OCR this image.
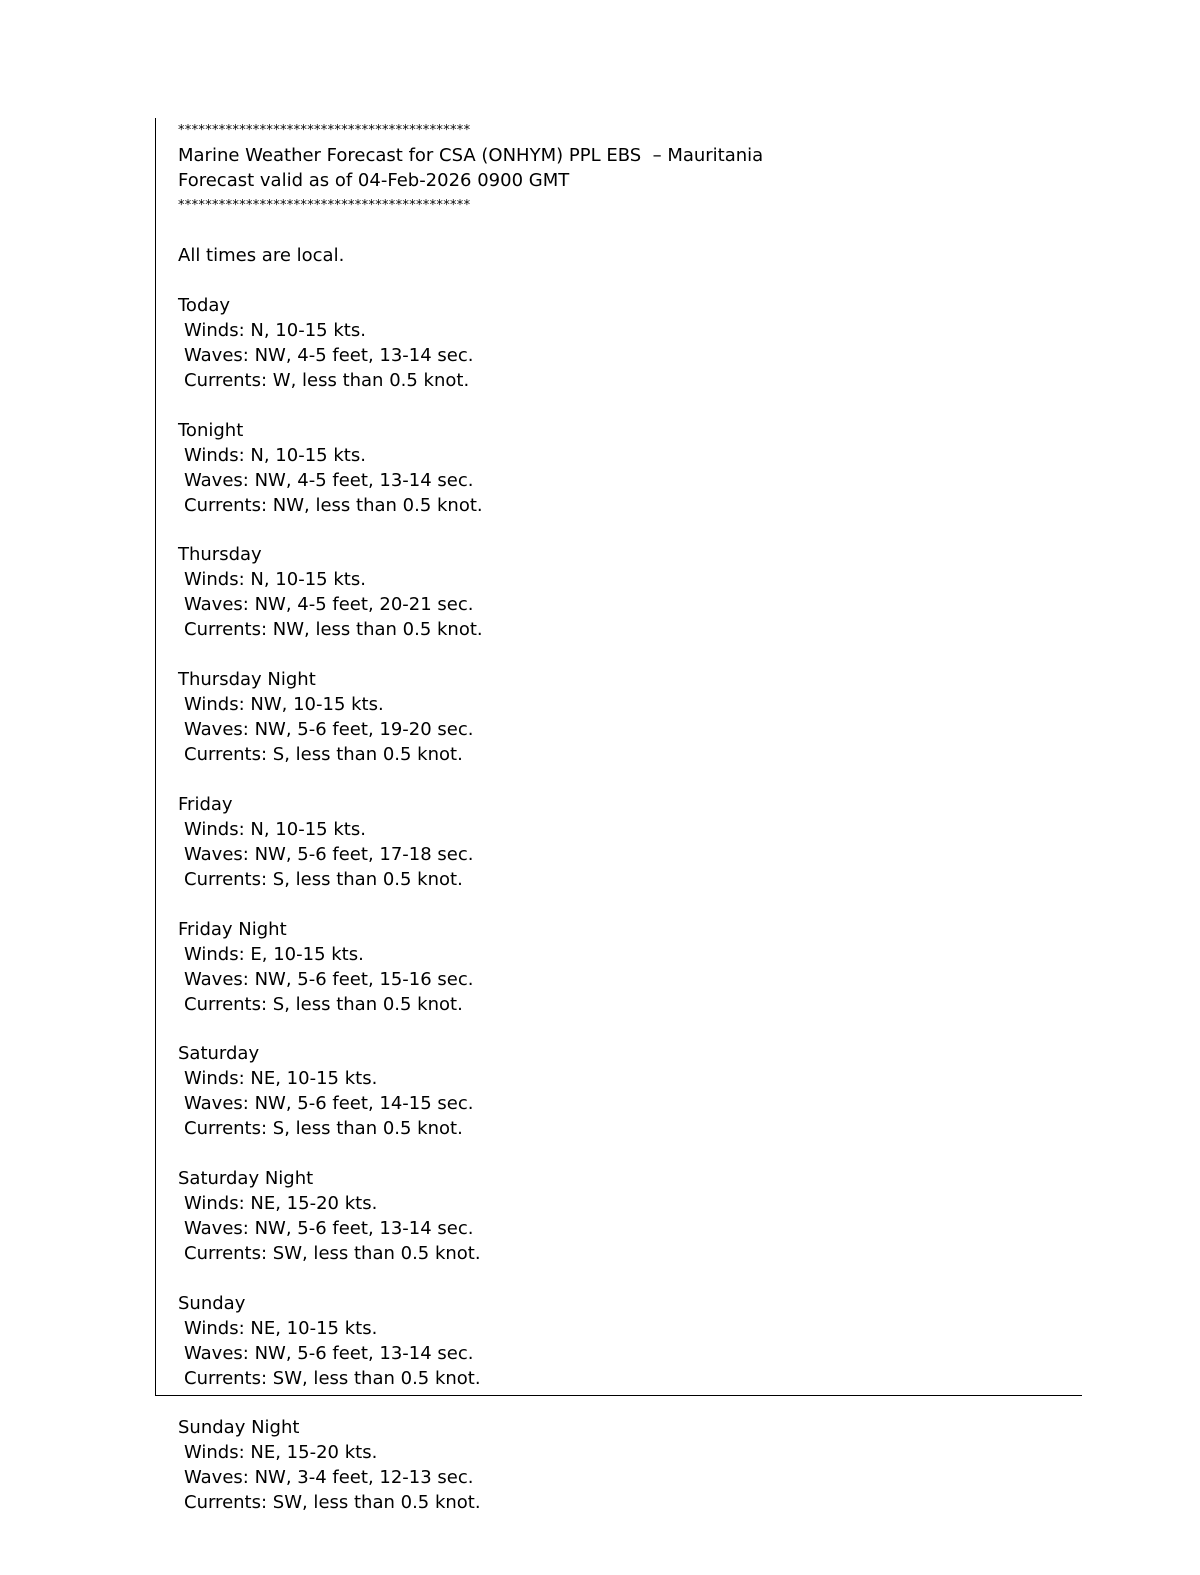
*******************************************
Marine Weather Forecast for CSA (ONHYM) PPL EBS  – Mauritania
Forecast valid as of 04-Feb-2026 0900 GMT
*******************************************
All times are local.
Today
Winds: N, 10-15 kts.
Waves: NW, 4-5 feet, 13-14 sec.
Currents: W, less than 0.5 knot.
Tonight
Winds: N, 10-15 kts.
Waves: NW, 4-5 feet, 13-14 sec.
Currents: NW, less than 0.5 knot.
Thursday
Winds: N, 10-15 kts.
Waves: NW, 4-5 feet, 20-21 sec.
Currents: NW, less than 0.5 knot.
Thursday Night
Winds: NW, 10-15 kts.
Waves: NW, 5-6 feet, 19-20 sec.
Currents: S, less than 0.5 knot.
Friday
Winds: N, 10-15 kts.
Waves: NW, 5-6 feet, 17-18 sec.
Currents: S, less than 0.5 knot.
Friday Night
Winds: E, 10-15 kts.
Waves: NW, 5-6 feet, 15-16 sec.
Currents: S, less than 0.5 knot.
Saturday
Winds: NE, 10-15 kts.
Waves: NW, 5-6 feet, 14-15 sec.
Currents: S, less than 0.5 knot.
Saturday Night
Winds: NE, 15-20 kts.
Waves: NW, 5-6 feet, 13-14 sec.
Currents: SW, less than 0.5 knot.
Sunday
Winds: NE, 10-15 kts.
Waves: NW, 5-6 feet, 13-14 sec.
Currents: SW, less than 0.5 knot.
Sunday Night
Winds: NE, 15-20 kts.
Waves: NW, 3-4 feet, 12-13 sec.
Currents: SW, less than 0.5 knot.
